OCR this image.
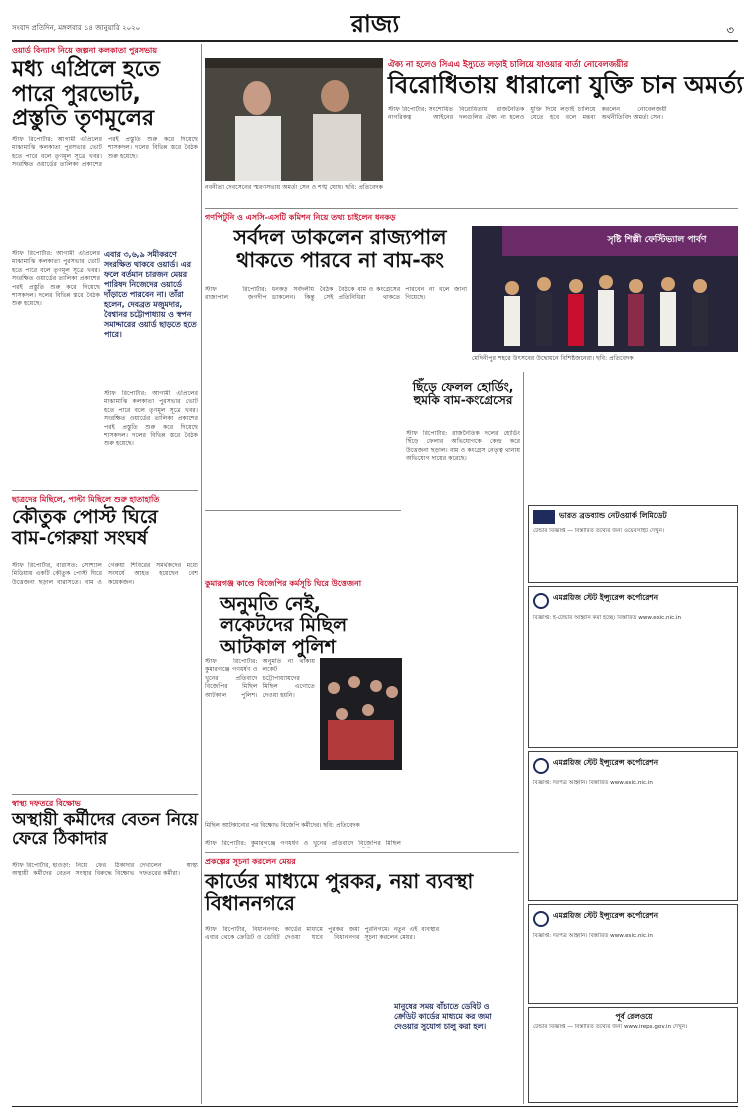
সংবাদ প্রতিদিন, মঙ্গলবার ১৪ জানুয়ারি ২০২০	রাজ্য	৩
ওয়ার্ড বিন্যাস নিয়ে জল্পনা কলকাতা পুরসভায়
মধ্য এপ্রিলে হতে পারে পুরভোট, প্রস্তুতি তৃণমূলের
স্টাফ রিপোর্টার: আগামী এপ্রিলের মাঝামাঝি কলকাতা পুরসভার ভোট হতে পারে বলে তৃণমূল সূত্রে খবর। সংরক্ষিত ওয়ার্ডের তালিকা প্রকাশের পরই প্রস্তুতি শুরু করে দিয়েছে শাসকদল। দলের বিভিন্ন স্তরে বৈঠক শুরু হয়েছে।
এবার ৩,৬,৯ সমীকরণে সংরক্ষিত থাকবে ওয়ার্ড। এর ফলে বর্তমান চারজন মেয়র পারিষদ নিজেদের ওয়ার্ডে দাঁড়াতে পারবেন না। তাঁরা হলেন, দেবব্রত মজুমদার, বৈশ্বানর চট্টোপাধ্যায় ও স্বপন সমাদ্দারের ওয়ার্ড ছাড়তে হতে পারে।
স্টাফ রিপোর্টার: আগামী এপ্রিলের মাঝামাঝি কলকাতা পুরসভার ভোট হতে পারে বলে তৃণমূল সূত্রে খবর। সংরক্ষিত ওয়ার্ডের তালিকা প্রকাশের পরই প্রস্তুতি শুরু করে দিয়েছে শাসকদল। দলের বিভিন্ন স্তরে বৈঠক শুরু হয়েছে।
স্টাফ রিপোর্টার: আগামী এপ্রিলের মাঝামাঝি কলকাতা পুরসভার ভোট হতে পারে বলে তৃণমূল সূত্রে খবর। সংরক্ষিত ওয়ার্ডের তালিকা প্রকাশের পরই প্রস্তুতি শুরু করে দিয়েছে শাসকদল। দলের বিভিন্ন স্তরে বৈঠক শুরু হয়েছে।
ছাত্রদের মিছিলে, পাল্টা মিছিলে শুরু হাতাহাতি
কৌতুক পোস্ট ঘিরে বাম-গেরুয়া সংঘর্ষ
স্টাফ রিপোর্টার, বারাসত: সোশ্যাল মিডিয়ায় একটি কৌতুক পোস্ট ঘিরে উত্তেজনা ছড়াল বারাসতে। বাম ও গেরুয়া শিবিরের সমর্থকদের মধ্যে সংঘর্ষে আহত হয়েছেন বেশ কয়েকজন।
স্বাস্থ্য দফতরে বিক্ষোভ
অস্থায়ী কর্মীদের বেতন নিয়ে ফেরে ঠিকাদার
স্টাফ রিপোর্টার, হাওড়া: অস্থায়ী কর্মীদের বেতন নিয়ে ফের ঠিকাদার সংস্থার বিরুদ্ধে বিক্ষোভ দেখালেন স্বাস্থ্য দফতরের কর্মীরা।
নবনীতা দেবসেনের স্মরণসভায় অমর্ত্য সেন ও শঙ্খ ঘোষ। ছবি: প্রতিবেদক
ঐক্য না হলেও সিএএ ইস্যুতে লড়াই চালিয়ে যাওয়ার বার্তা নোবেলজয়ীর
বিরোধিতায় ধারালো যুক্তি চান অমর্ত্য
স্টাফ রিপোর্টার: সংশোধিত নাগরিকত্ব আইনের বিরোধিতায় রাজনৈতিক দলগুলির ঐক্য না হলেও যুক্তি দিয়ে লড়াই চালিয়ে যেতে হবে বলে মন্তব্য করলেন নোবেলজয়ী অর্থনীতিবিদ অমর্ত্য সেন।
গণপিটুনি ও এসসি-এসটি কমিশন নিয়ে তথ্য চাইলেন ধনকড়
সর্বদল ডাকলেন রাজ্যপাল থাকতে পারবে না বাম-কং
স্টাফ রিপোর্টার: রাজ্যপাল জগদীপ ধনকড় সর্বদলীয় বৈঠক ডাকলেন। কিন্তু সেই বৈঠকে বাম ও কংগ্রেসের প্রতিনিধিরা থাকতে পারবেন না বলে জানা গিয়েছে।
সৃষ্টি শিল্পী ফেস্টিভ্যাল পার্বণ
মেদিনীপুর শহরে উৎসবের উদ্বোধনে বিশিষ্টজনেরা। ছবি: প্রতিবেদক
ছিঁড়ে ফেলল হোর্ডিং, হুমকি বাম-কংগ্রেসের
স্টাফ রিপোর্টার: রাজনৈতিক দলের হোর্ডিং ছিঁড়ে ফেলার অভিযোগকে কেন্দ্র করে উত্তেজনা ছড়াল। বাম ও কংগ্রেস নেতৃত্ব থানায় অভিযোগ দায়ের করেছে।
কুমারগঞ্জ কাণ্ডে বিজেপির কর্মসূচি ঘিরে উত্তেজনা
অনুমতি নেই, লকেটদের মিছিল আটকাল পুলিশ
স্টাফ রিপোর্টার: কুমারগঞ্জে গণধর্ষণ ও খুনের প্রতিবাদে বিজেপির মিছিল আটকাল পুলিশ। অনুমতি না থাকায় লকেট চট্টোপাধ্যায়দের মিছিল এগোতে দেওয়া হয়নি।
মিছিল আটকানোর পর বিক্ষোভ বিজেপি কর্মীদের। ছবি: প্রতিবেদক
স্টাফ রিপোর্টার: কুমারগঞ্জে গণধর্ষণ ও খুনের প্রতিবাদে বিজেপির মিছিল
প্রকল্পের সূচনা করলেন মেয়র
কার্ডের মাধ্যমে পুরকর, নয়া ব্যবস্থা বিধাননগরে
স্টাফ রিপোর্টার, বিধাননগর: এবার থেকে ক্রেডিট ও ডেবিট কার্ডের মাধ্যমে পুরকর জমা দেওয়া যাবে বিধাননগর পুরনিগমে। নতুন এই ব্যবস্থার সূচনা করলেন মেয়র।
মানুষের সময় বাঁচাতে ডেবিট ও ক্রেডিট কার্ডের মাধ্যমে কর জমা দেওয়ার সুযোগ চালু করা হল।
ভারত ব্রডব্যান্ড নেটওয়ার্ক লিমিডেট
টেন্ডার বিজ্ঞপ্তি — বিস্তারিত তথ্যের জন্য ওয়েবসাইট দেখুন।
এমপ্লয়িজ স্টেট ইন্স্যুরেন্স কর্পোরেশন
বিজ্ঞপ্তি: ই-টেন্ডার আহ্বান করা হচ্ছে। বিস্তারিত www.esic.nic.in
এমপ্লয়িজ স্টেট ইন্স্যুরেন্স কর্পোরেশন
বিজ্ঞপ্তি: দরপত্র আহ্বান। বিস্তারিত www.esic.nic.in
এমপ্লয়িজ স্টেট ইন্স্যুরেন্স কর্পোরেশন
বিজ্ঞপ্তি: দরপত্র আহ্বান। বিস্তারিত www.esic.nic.in
পূর্ব রেলওয়ে
টেন্ডার বিজ্ঞপ্তি — বিস্তারিত তথ্যের জন্য www.ireps.gov.in দেখুন।
